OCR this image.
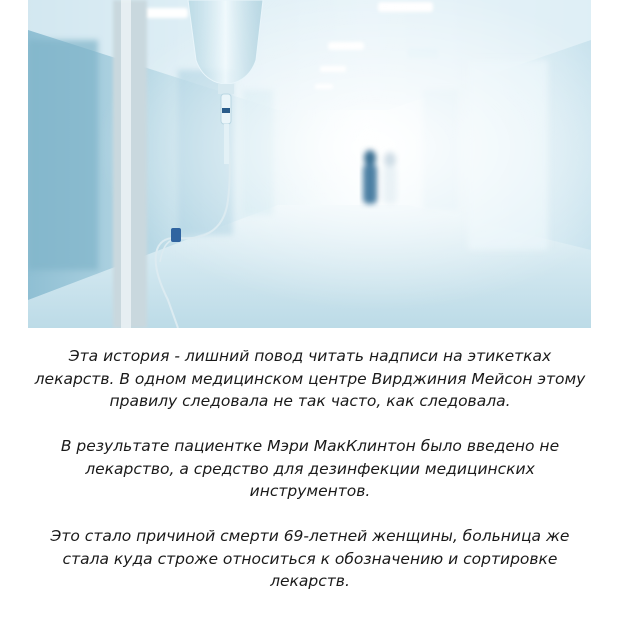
Эта история - лишний повод читать надписи на этикетках лекарств. В одном медицинском центре Вирджиния Мейсон этому правилу следовала не так часто, как следовала.

В результате пациентке Мэри МакКлинтон было введено не лекарство, а средство для дезинфекции медицинских инструментов.

Это стало причиной смерти 69-летней женщины, больница же стала куда строже относиться к обозначению и сортировке лекарств.
